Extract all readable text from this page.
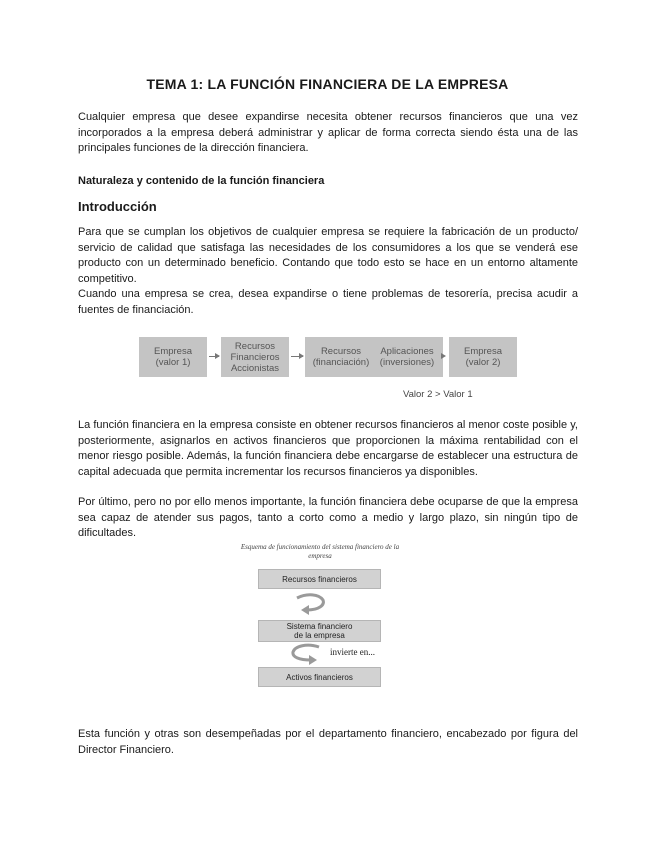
TEMA 1: LA FUNCIÓN FINANCIERA DE LA EMPRESA

Cualquier empresa que desee expandirse necesita obtener recursos financieros que una vez incorporados a la empresa deberá administrar y aplicar de forma correcta siendo ésta una de las principales funciones de la dirección financiera.

Naturaleza y contenido de la función financiera
Introducción

Para que se cumplan los objetivos de cualquier empresa se requiere la fabricación de un producto/ servicio de calidad que satisfaga las necesidades de los consumidores a los que se venderá ese producto con un determinado beneficio. Contando que todo esto se hace en un entorno altamente competitivo.

Cuando una empresa se crea, desea expandirse o tiene problemas de tesorería, precisa acudir a fuentes de financiación.

Empresa
(valor 1)
Recursos
Financieros
Accionistas
Recursos
(financiación)
Aplicaciones
(inversiones)
Empresa
(valor 2)
Valor 2 > Valor 1

La función financiera en la empresa consiste en obtener recursos financieros al menor coste posible y, posteriormente, asignarlos en activos financieros que proporcionen la máxima rentabilidad con el menor riesgo posible. Además, la función financiera debe encargarse de establecer una estructura de capital adecuada que permita incrementar los recursos financieros ya disponibles.

Por último, pero no por ello menos importante, la función financiera debe ocuparse de que la empresa sea capaz de atender sus pagos, tanto a corto como a medio y largo plazo, sin ningún tipo de dificultades.

Esquema de funcionamiento del sistema financiero de la empresa
Recursos financieros
Sistema financiero
de la empresa
invierte en...
Activos financieros

Esta función y otras son desempeñadas por el departamento financiero, encabezado por figura del Director Financiero.
